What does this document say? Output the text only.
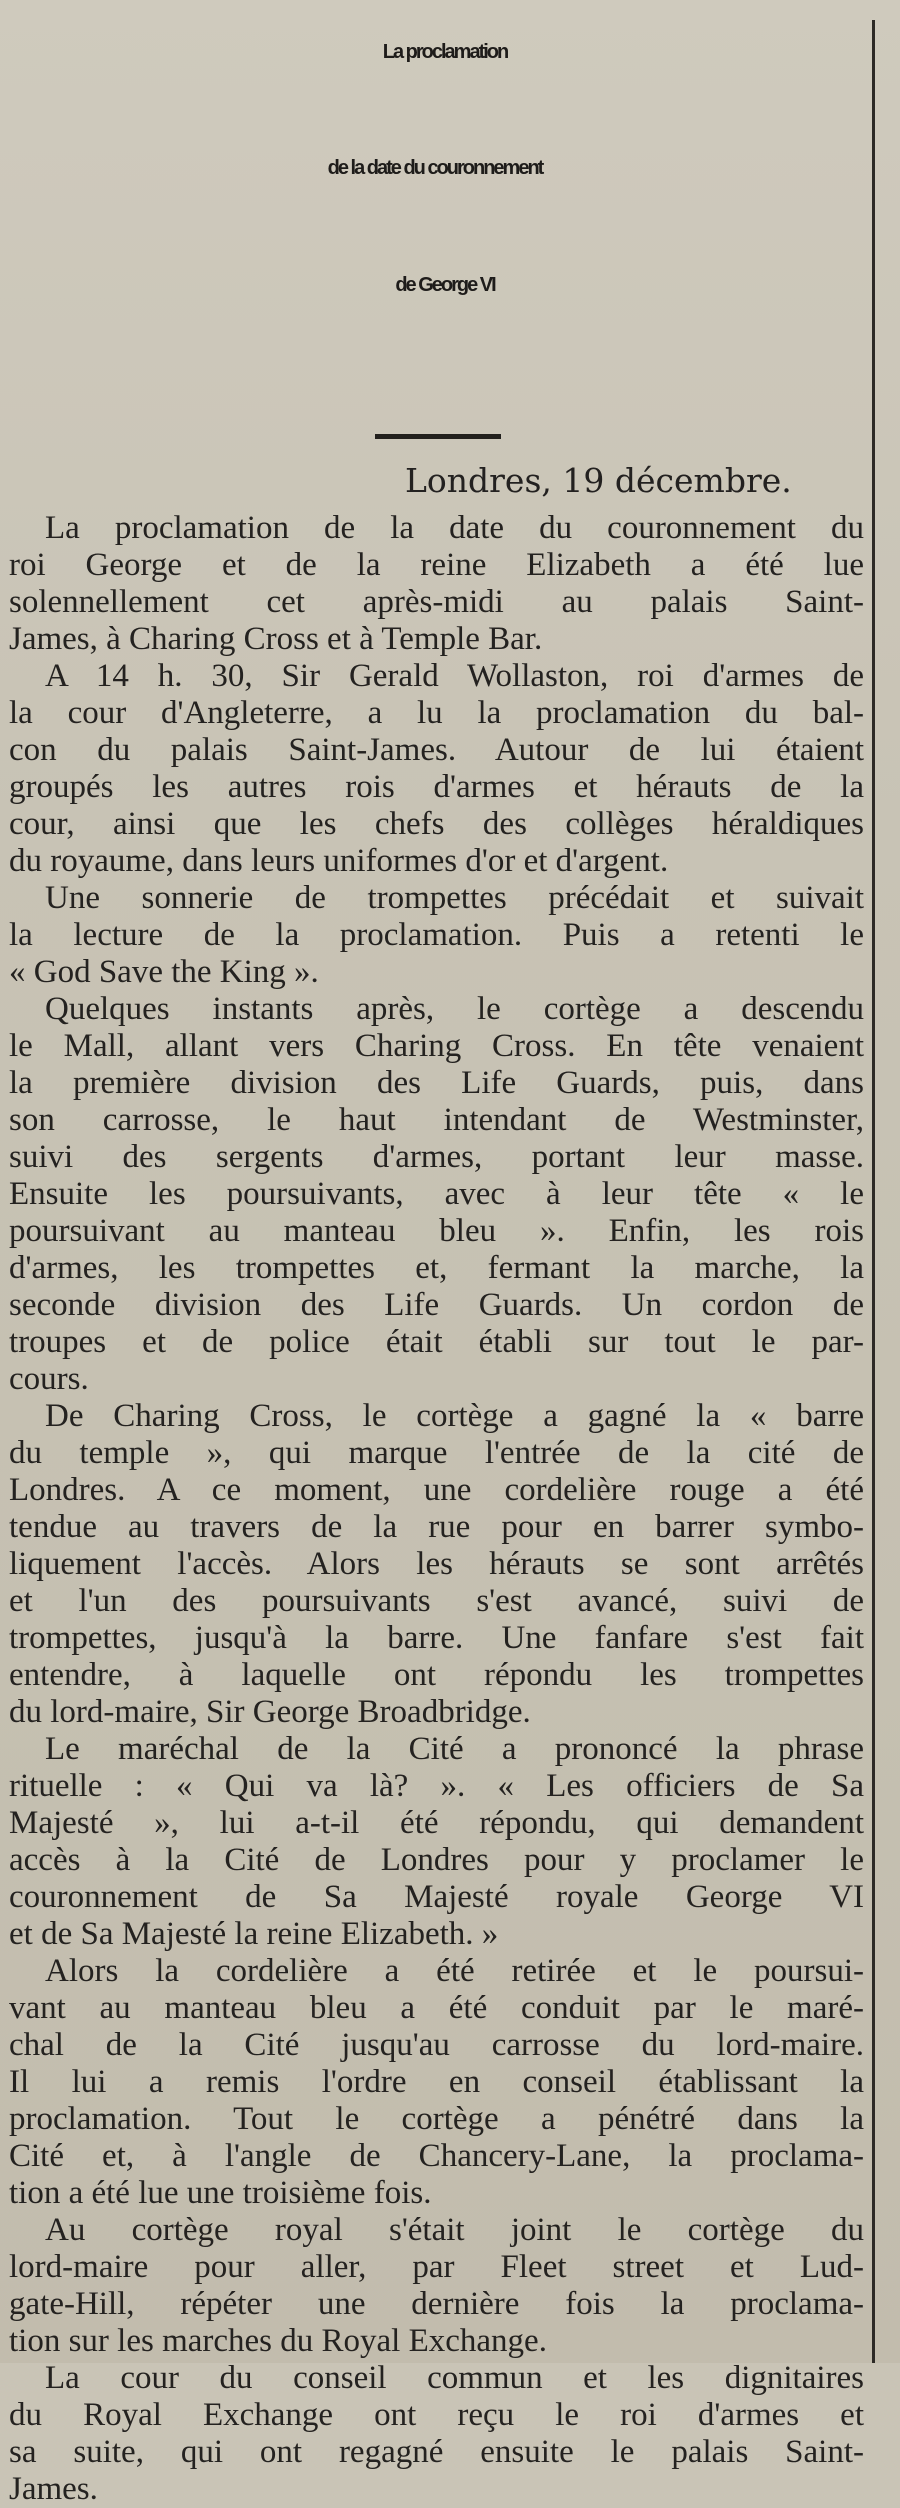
La proclamation
de la date du couronnement
de George VI
Londres, 19 décembre.
La proclamation de la date du couronnement du
roi George et de la reine Elizabeth a été lue
solennellement cet après-midi au palais Saint-
James, à Charing Cross et à Temple Bar.
A 14 h. 30, Sir Gerald Wollaston, roi d'armes de
la cour d'Angleterre, a lu la proclamation du bal-
con du palais Saint-James. Autour de lui étaient
groupés les autres rois d'armes et hérauts de la
cour, ainsi que les chefs des collèges héraldiques
du royaume, dans leurs uniformes d'or et d'argent.
Une sonnerie de trompettes précédait et suivait
la lecture de la proclamation. Puis a retenti le
« God Save the King ».
Quelques instants après, le cortège a descendu
le Mall, allant vers Charing Cross. En tête venaient
la première division des Life Guards, puis, dans
son carrosse, le haut intendant de Westminster,
suivi des sergents d'armes, portant leur masse.
Ensuite les poursuivants, avec à leur tête « le
poursuivant au manteau bleu ». Enfin, les rois
d'armes, les trompettes et, fermant la marche, la
seconde division des Life Guards. Un cordon de
troupes et de police était établi sur tout le par-
cours.
De Charing Cross, le cortège a gagné la « barre
du temple », qui marque l'entrée de la cité de
Londres. A ce moment, une cordelière rouge a été
tendue au travers de la rue pour en barrer symbo-
liquement l'accès. Alors les hérauts se sont arrêtés
et l'un des poursuivants s'est avancé, suivi de
trompettes, jusqu'à la barre. Une fanfare s'est fait
entendre, à laquelle ont répondu les trompettes
du lord-maire, Sir George Broadbridge.
Le maréchal de la Cité a prononcé la phrase
rituelle : « Qui va là? ». « Les officiers de Sa
Majesté », lui a-t-il été répondu, qui demandent
accès à la Cité de Londres pour y proclamer le
couronnement de Sa Majesté royale George VI
et de Sa Majesté la reine Elizabeth. »
Alors la cordelière a été retirée et le poursui-
vant au manteau bleu a été conduit par le maré-
chal de la Cité jusqu'au carrosse du lord-maire.
Il lui a remis l'ordre en conseil établissant la
proclamation. Tout le cortège a pénétré dans la
Cité et, à l'angle de Chancery-Lane, la proclama-
tion a été lue une troisième fois.
Au cortège royal s'était joint le cortège du
lord-maire pour aller, par Fleet street et Lud-
gate-Hill, répéter une dernière fois la proclama-
tion sur les marches du Royal Exchange.
La cour du conseil commun et les dignitaires
du Royal Exchange ont reçu le roi d'armes et
sa suite, qui ont regagné ensuite le palais Saint-
James.
